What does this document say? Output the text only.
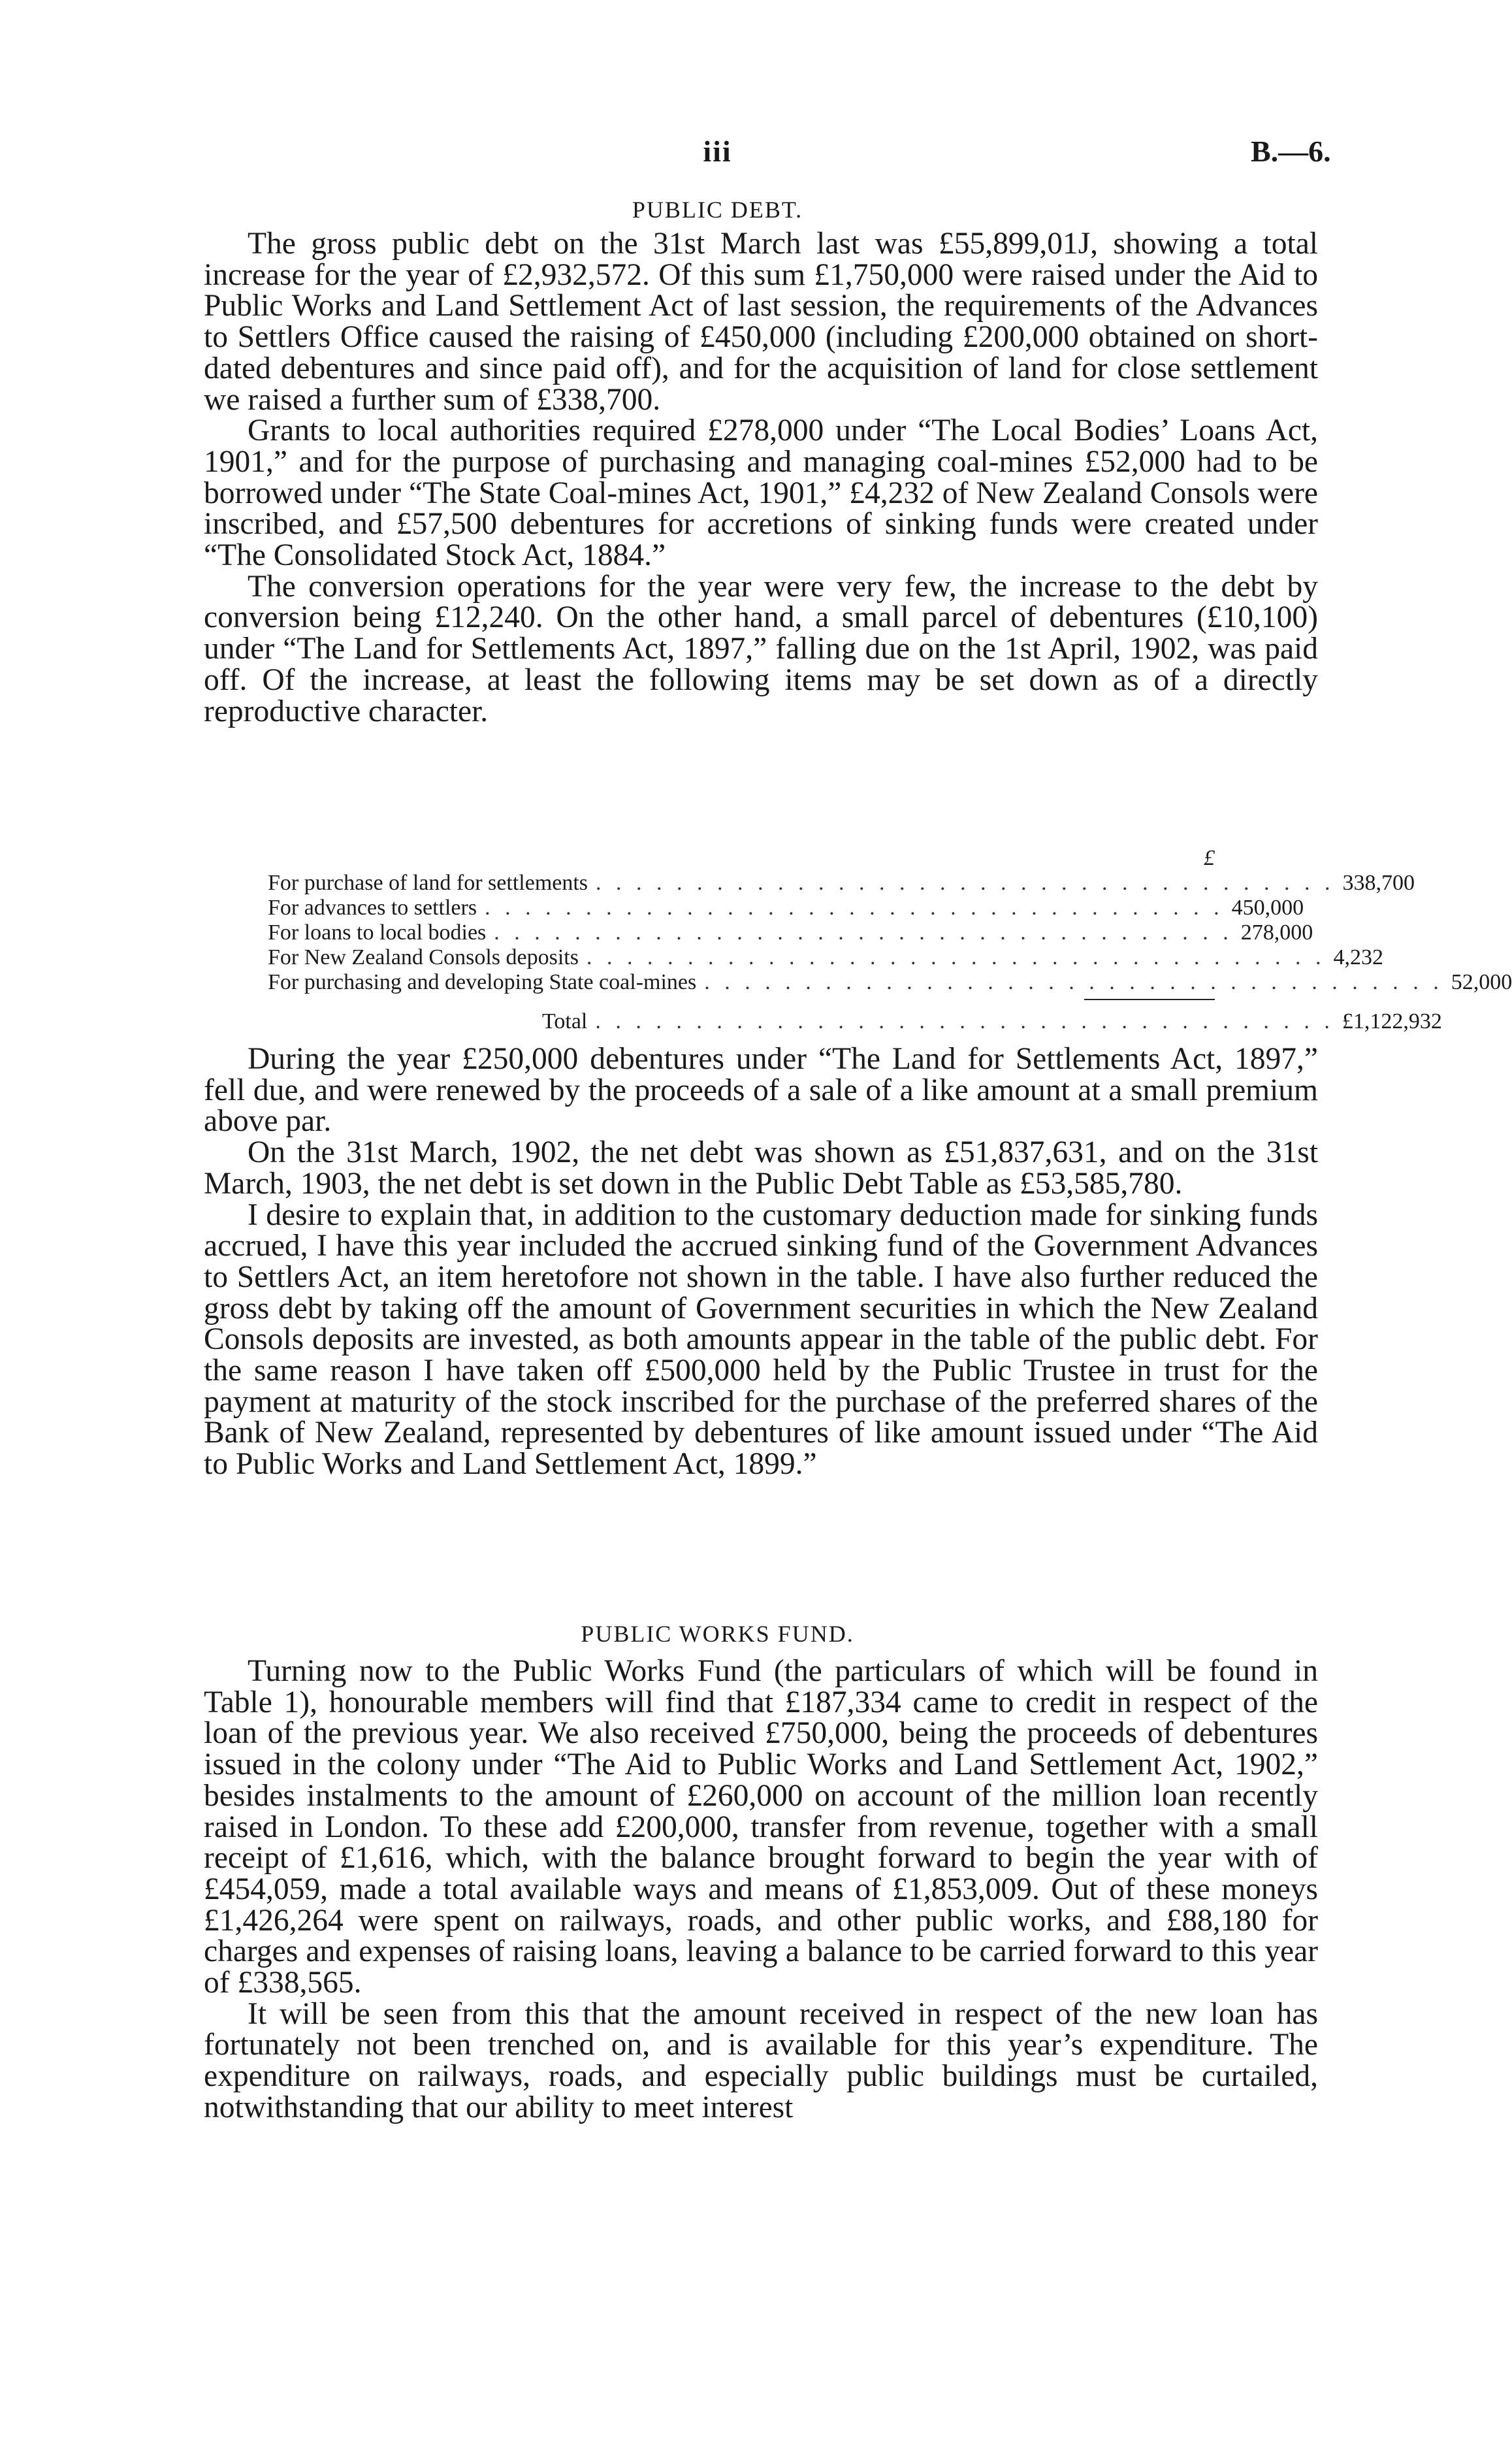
iii	B.—6.
PUBLIC DEBT.

The gross public debt on the 31st March last was £55,899,01J, showing a total increase for the year of £2,932,572. Of this sum £1,750,000 were raised under the Aid to Public Works and Land Settlement Act of last session, the requirements of the Advances to Settlers Office caused the raising of £450,000 (including £200,000 obtained on short-dated debentures and since paid off), and for the acquisition of land for close settlement we raised a further sum of £338,700.

Grants to local authorities required £278,000 under “The Local Bodies’ Loans Act, 1901,” and for the purpose of purchasing and managing coal-mines £52,000 had to be borrowed under “The State Coal-mines Act, 1901,” £4,232 of New Zealand Consols were inscribed, and £57,500 debentures for accretions of sinking funds were created under “The Consolidated Stock Act, 1884.”

The conversion operations for the year were very few, the increase to the debt by conversion being £12,240. On the other hand, a small parcel of debentures (£10,100) under “The Land for Settlements Act, 1897,” falling due on the 1st April, 1902, was paid off. Of the increase, at least the following items may be set down as of a directly reproductive character.

£
For purchase of land for settlements . . . . . . . . . . . . . . . . . . . . . . . . . . . . . . . . . . . . . 338,700
For advances to settlers . . . . . . . . . . . . . . . . . . . . . . . . . . . . . . . . . . . . . 450,000
For loans to local bodies . . . . . . . . . . . . . . . . . . . . . . . . . . . . . . . . . . . . . 278,000
For New Zealand Consols deposits . . . . . . . . . . . . . . . . . . . . . . . . . . . . . . . . . . . . . 4,232
For purchasing and developing State coal-mines . . . . . . . . . . . . . . . . . . . . . . . . . . . . . . . . . . . . . 52,000
Total . . . . . . . . . . . . . . . . . . . . . . . . . . . . . . . . . . . . . £1,122,932

During the year £250,000 debentures under “The Land for Settlements Act, 1897,” fell due, and were renewed by the proceeds of a sale of a like amount at a small premium above par.

On the 31st March, 1902, the net debt was shown as £51,837,631, and on the 31st March, 1903, the net debt is set down in the Public Debt Table as £53,585,780.

I desire to explain that, in addition to the customary deduction made for sinking funds accrued, I have this year included the accrued sinking fund of the Government Advances to Settlers Act, an item heretofore not shown in the table. I have also further reduced the gross debt by taking off the amount of Government securities in which the New Zealand Consols deposits are invested, as both amounts appear in the table of the public debt. For the same reason I have taken off £500,000 held by the Public Trustee in trust for the payment at maturity of the stock inscribed for the purchase of the preferred shares of the Bank of New Zealand, represented by debentures of like amount issued under “The Aid to Public Works and Land Settlement Act, 1899.”

PUBLIC WORKS FUND.

Turning now to the Public Works Fund (the particulars of which will be found in Table 1), honourable members will find that £187,334 came to credit in respect of the loan of the previous year. We also received £750,000, being the proceeds of debentures issued in the colony under “The Aid to Public Works and Land Settlement Act, 1902,” besides instalments to the amount of £260,000 on account of the million loan recently raised in London. To these add £200,000, transfer from revenue, together with a small receipt of £1,616, which, with the balance brought forward to begin the year with of £454,059, made a total available ways and means of £1,853,009. Out of these moneys £1,426,264 were spent on railways, roads, and other public works, and £88,180 for charges and expenses of raising loans, leaving a balance to be carried forward to this year of £338,565.

It will be seen from this that the amount received in respect of the new loan has fortunately not been trenched on, and is available for this year’s expenditure. The expenditure on railways, roads, and especially public buildings must be curtailed, notwithstanding that our ability to meet interest
